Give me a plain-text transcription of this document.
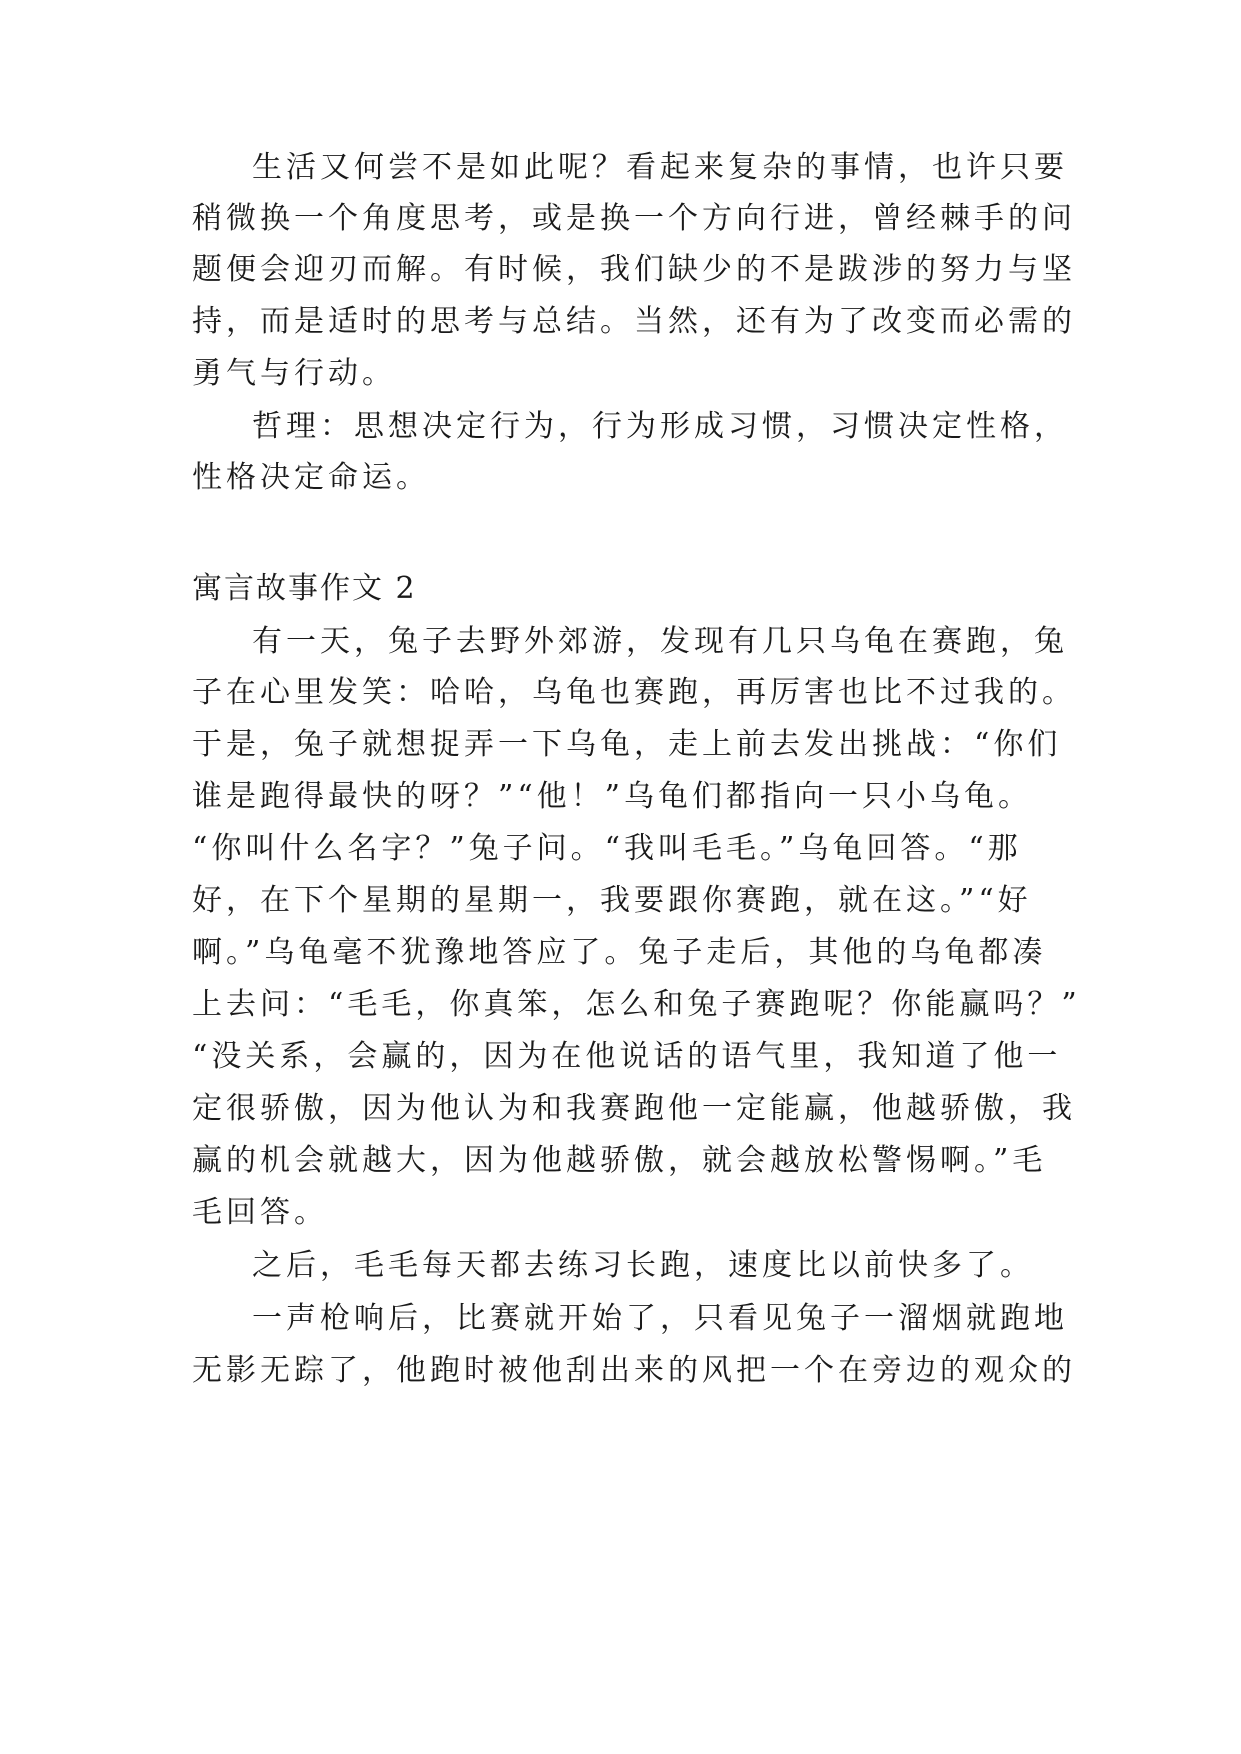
生活又何尝不是如此呢？看起来复杂的事情，也许只要
稍微换一个角度思考，或是换一个方向行进，曾经棘手的问
题便会迎刃而解。有时候，我们缺少的不是跋涉的努力与坚
持，而是适时的思考与总结。当然，还有为了改变而必需的
勇气与行动。
哲理：思想决定行为，行为形成习惯，习惯决定性格，
性格决定命运。
寓言故事作文 2
有一天，兔子去野外郊游，发现有几只乌龟在赛跑，兔
子在心里发笑：哈哈，乌龟也赛跑，再厉害也比不过我的。
于是，兔子就想捉弄一下乌龟，走上前去发出挑战：“你们
谁是跑得最快的呀？”“他！”乌龟们都指向一只小乌龟。
“你叫什么名字？”兔子问。“我叫毛毛。”乌龟回答。“那
好，在下个星期的星期一，我要跟你赛跑，就在这。”“好
啊。”乌龟毫不犹豫地答应了。兔子走后，其他的乌龟都凑
上去问：“毛毛，你真笨，怎么和兔子赛跑呢？你能赢吗？”
“没关系，会赢的，因为在他说话的语气里，我知道了他一
定很骄傲，因为他认为和我赛跑他一定能赢，他越骄傲，我
赢的机会就越大，因为他越骄傲，就会越放松警惕啊。”毛
毛回答。
之后，毛毛每天都去练习长跑，速度比以前快多了。
一声枪响后，比赛就开始了，只看见兔子一溜烟就跑地
无影无踪了，他跑时被他刮出来的风把一个在旁边的观众的
